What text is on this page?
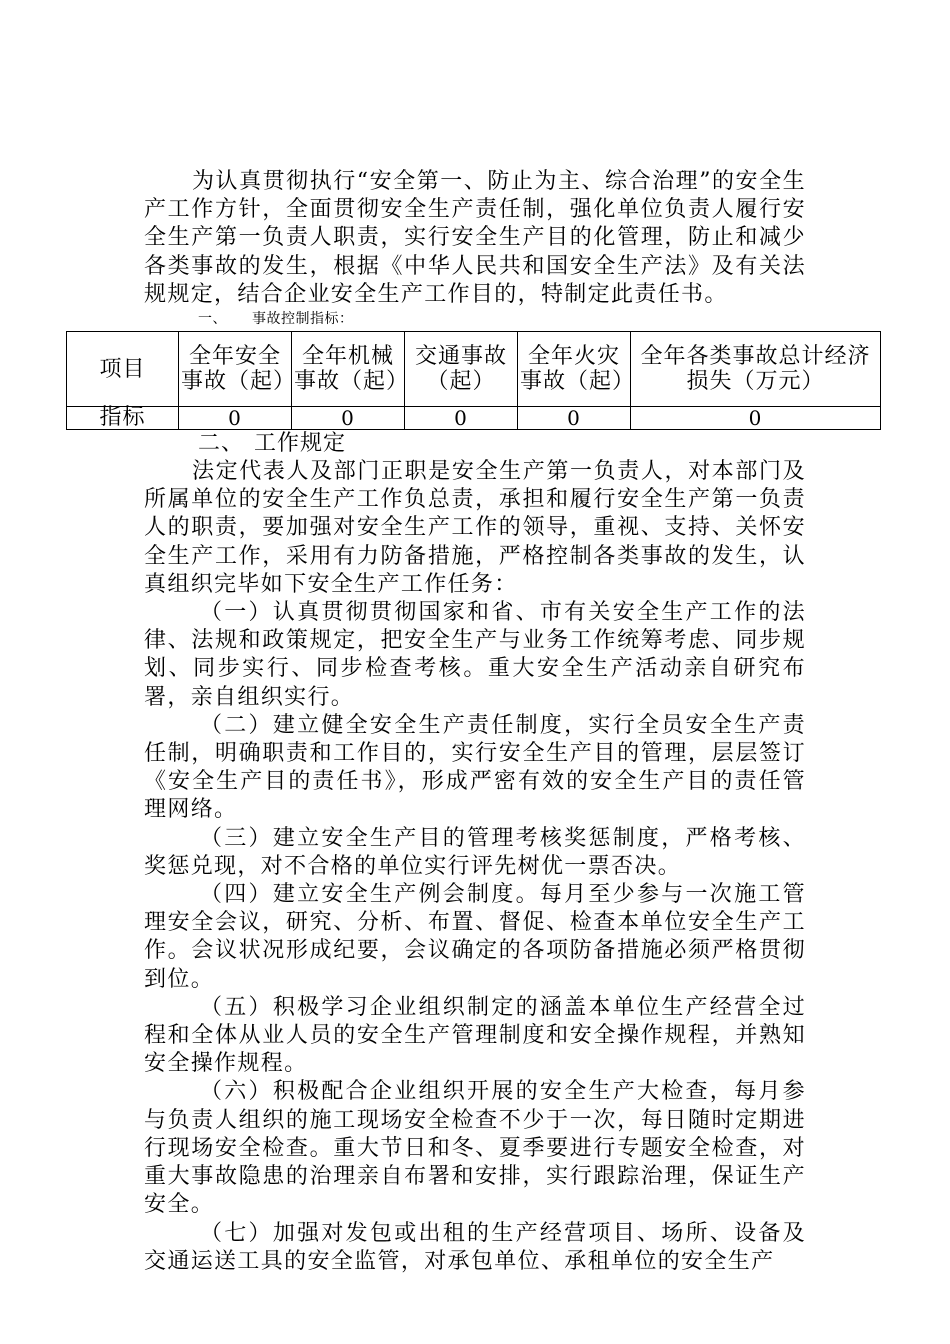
为认真贯彻执行“安全第一、防止为主、综合治理”的安全生产工作方针，全面贯彻安全生产责任制，强化单位负责人履行安全生产第一负责人职责，实行安全生产目的化管理，防止和减少各类事故的发生，根据《中华人民共和国安全生产法》及有关法规规定，结合企业安全生产工作目的，特制定此责任书。

一、 事故控制指标：

项目	全年安全事故（起）	全年机械事故（起）	交通事故（起）	全年火灾事故（起）	全年各类事故总计经济损失（万元）
指标	0	0	0	0	0

二、 工作规定

法定代表人及部门正职是安全生产第一负责人，对本部门及所属单位的安全生产工作负总责，承担和履行安全生产第一负责人的职责，要加强对安全生产工作的领导，重视、支持、关怀安全生产工作，采用有力防备措施，严格控制各类事故的发生，认真组织完毕如下安全生产工作任务：

（一）认真贯彻贯彻国家和省、市有关安全生产工作的法律、法规和政策规定，把安全生产与业务工作统筹考虑、同步规划、同步实行、同步检查考核。重大安全生产活动亲自研究布署，亲自组织实行。

（二）建立健全安全生产责任制度，实行全员安全生产责任制，明确职责和工作目的，实行安全生产目的管理，层层签订《安全生产目的责任书》，形成严密有效的安全生产目的责任管理网络。

（三）建立安全生产目的管理考核奖惩制度，严格考核、奖惩兑现，对不合格的单位实行评先树优一票否决。

（四）建立安全生产例会制度。每月至少参与一次施工管理安全会议，研究、分析、布置、督促、检查本单位安全生产工作。会议状况形成纪要，会议确定的各项防备措施必须严格贯彻到位。

（五）积极学习企业组织制定的涵盖本单位生产经营全过程和全体从业人员的安全生产管理制度和安全操作规程，并熟知安全操作规程。

（六）积极配合企业组织开展的安全生产大检查，每月参与负责人组织的施工现场安全检查不少于一次，每日随时定期进行现场安全检查。重大节日和冬、夏季要进行专题安全检查，对重大事故隐患的治理亲自布署和安排，实行跟踪治理，保证生产安全。

（七）加强对发包或出租的生产经营项目、场所、设备及交通运送工具的安全监管，对承包单位、承租单位的安全生产
